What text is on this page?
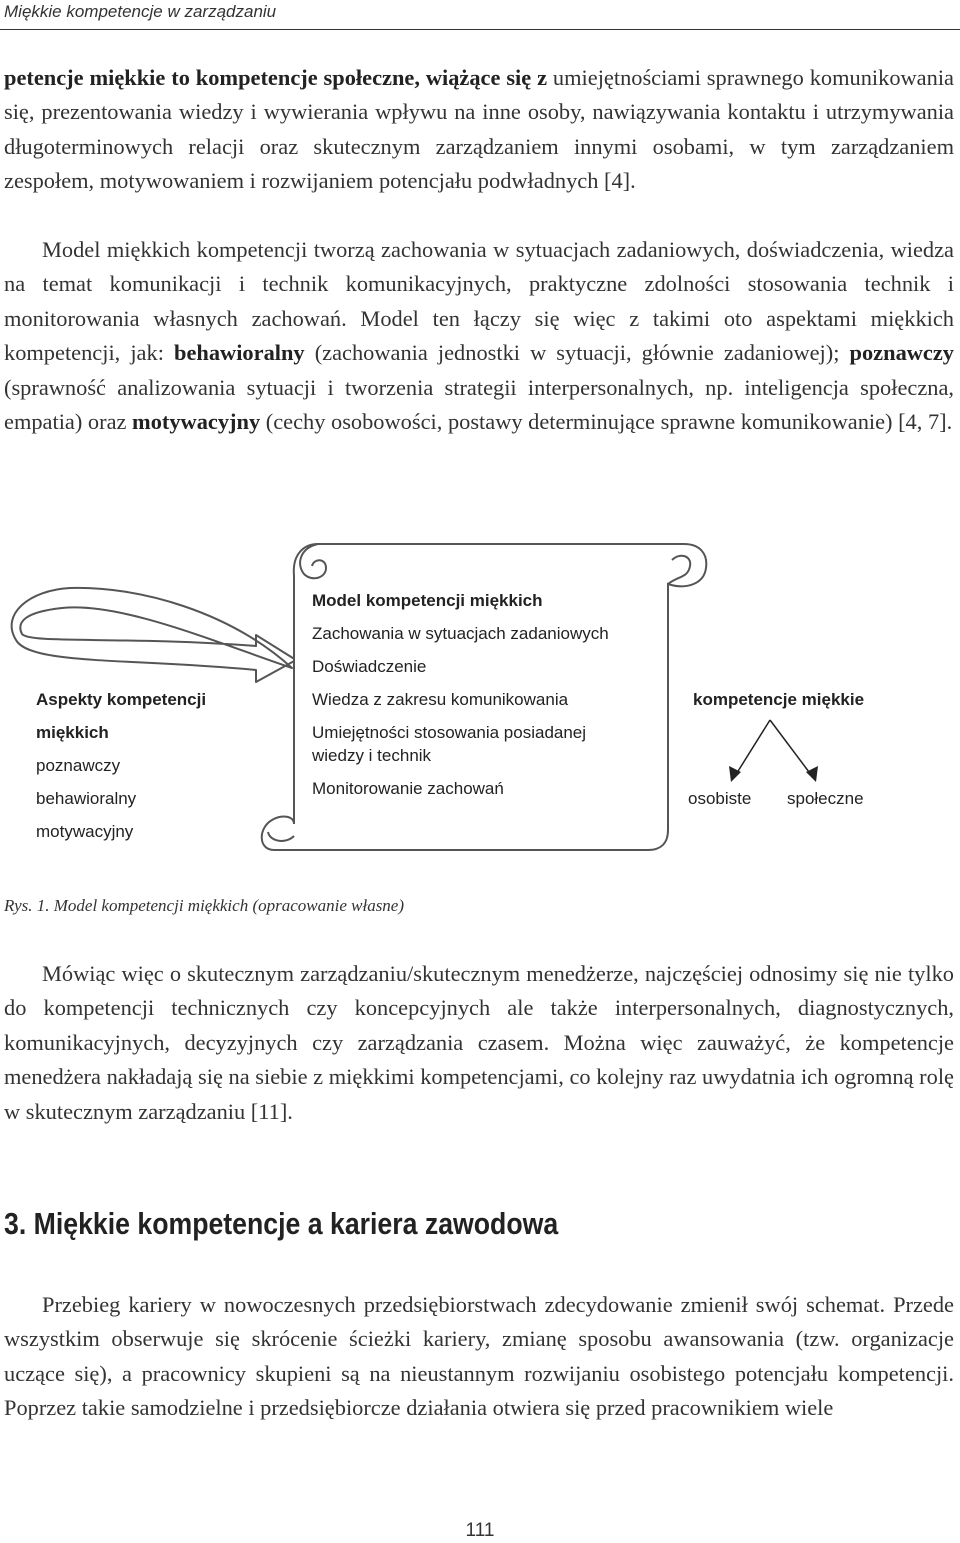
Miękkie kompetencje w zarządzaniu

petencje miękkie to kompetencje społeczne, wiążące się z umiejętnościami sprawnego komunikowania się, prezentowania wiedzy i wywierania wpływu na inne osoby, nawiązywania kontaktu i utrzymywania długoterminowych relacji oraz skutecznym zarządzaniem innymi osobami, w tym zarządzaniem zespołem, motywowaniem i rozwijaniem potencjału podwładnych [4].

Model miękkich kompetencji tworzą zachowania w sytuacjach zadaniowych, doświadczenia, wiedza na temat komunikacji i technik komunikacyjnych, praktyczne zdolności stosowania technik i monitorowania własnych zachowań. Model ten łączy się więc z takimi oto aspektami miękkich kompetencji, jak: behawioralny (zachowania jednostki w sytuacji, głównie zadaniowej); poznawczy (sprawność analizowania sytuacji i tworzenia strategii interpersonalnych, np. inteligencja społeczna, empatia) oraz motywacyjny (cechy osobowości, postawy determinujące sprawne komunikowanie) [4, 7].

Model kompetencji miękkich
Zachowania w sytuacjach zadaniowych
Doświadczenie
Wiedza z zakresu komunikowania
Umiejętności stosowania posiadanej
wiedzy i technik
Monitorowanie zachowań
Aspekty kompetencji
miękkich
poznawczy
behawioralny
motywacyjny
kompetencje miękkie
osobiste społeczne
Rys. 1. Model kompetencji miękkich (opracowanie własne)

Mówiąc więc o skutecznym zarządzaniu/skutecznym menedżerze, najczęściej odnosimy się nie tylko do kompetencji technicznych czy koncepcyjnych ale także interpersonalnych, diagnostycznych, komunikacyjnych, decyzyjnych czy zarządzania czasem. Można więc zauważyć, że kompetencje menedżera nakładają się na siebie z miękkimi kompetencjami, co kolejny raz uwydatnia ich ogromną rolę w skutecznym zarządzaniu [11].

3. Miękkie kompetencje a kariera zawodowa

Przebieg kariery w nowoczesnych przedsiębiorstwach zdecydowanie zmienił swój schemat. Przede wszystkim obserwuje się skrócenie ścieżki kariery, zmianę sposobu awansowania (tzw. organizacje uczące się), a pracownicy skupieni są na nieustannym rozwijaniu osobistego potencjału kompetencji. Poprzez takie samodzielne i przedsiębiorcze działania otwiera się przed pracownikiem wiele

111
